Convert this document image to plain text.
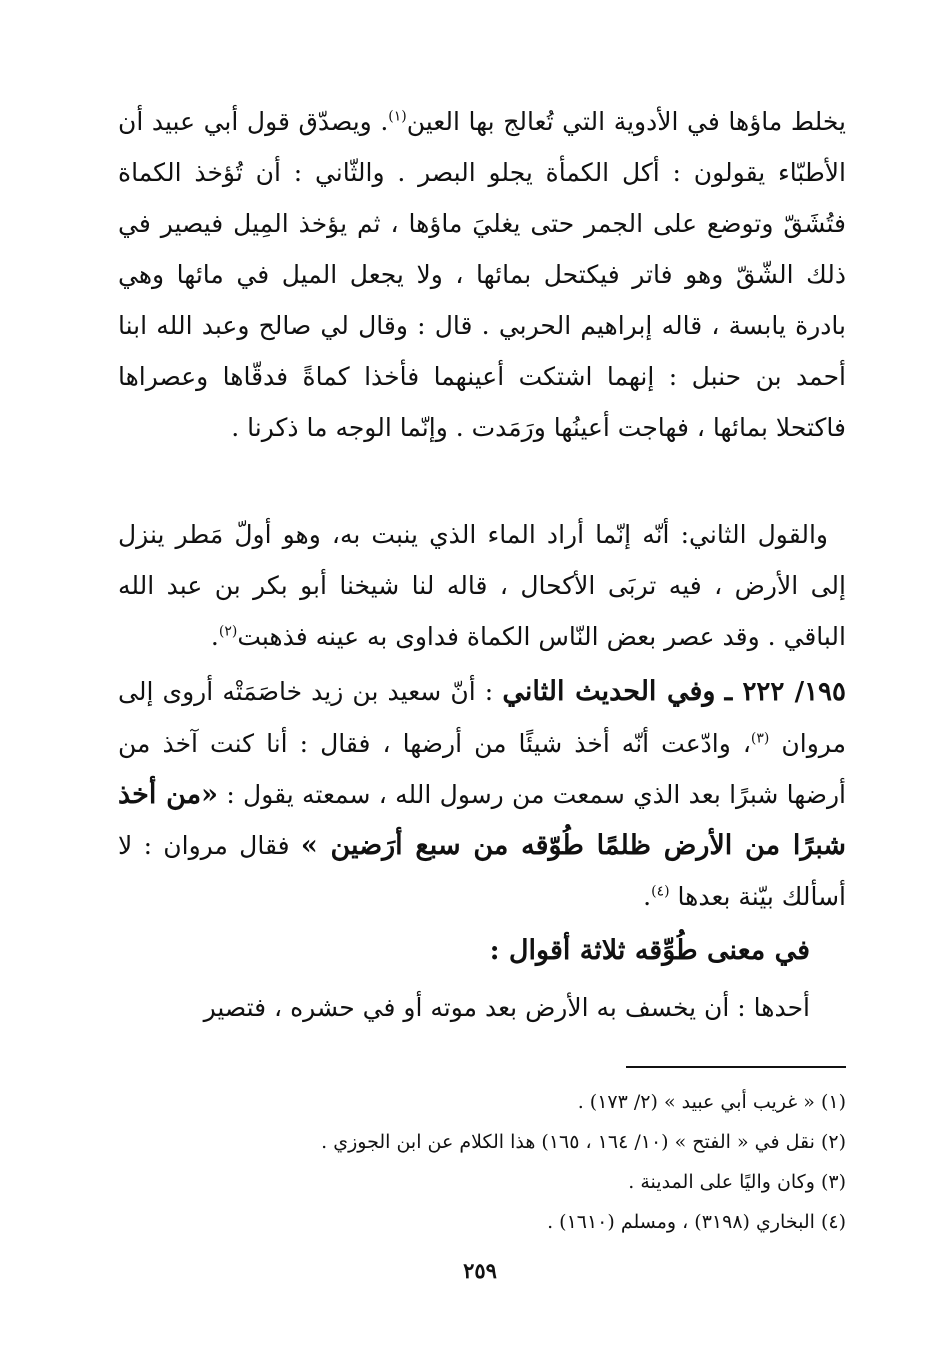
يخلط ماؤها في الأدوية التي تُعالج بها العين$^{(١)}$. ويصدّق قول أبي عبيد أن الأطبّاء يقولون : أكل الكمأة يجلو البصر . والثّاني : أن تُؤخذ الكماة فتُشَقّ وتوضع على الجمر حتى يغليَ ماؤها ، ثم يؤخذ المِيل فيصير في ذلك الشّقّ وهو فاتر فيكتحل بمائها ، ولا يجعل الميل في مائها وهي بادرة يابسة ، قاله إبراهيم الحربي . قال : وقال لي صالح وعبد الله ابنا أحمد بن حنبل : إنهما اشتكت أعينهما فأخذا كماةً فدقّاها وعصراها فاكتحلا بمائها ، فهاجت أعينُها ورَمَدت . وإنّما الوجه ما ذكرنا .

والقول الثاني: أنّه إنّما أراد الماء الذي ينبت به، وهو أولّ مَطر ينزل إلى الأرض ، فيه تربَى الأكحال ، قاله لنا شيخنا أبو بكر بن عبد الله الباقي . وقد عصر بعض النّاس الكماة فداوى به عينه فذهبت$^{(٢)}$.

١٩٥/ ٢٢٢ ـ وفي الحديث الثاني : أنّ سعيد بن زيد خاصَمَتْه أروى إلى مروان $^{(٣)}$، وادّعت أنّه أخذ شيئًا من أرضها ، فقال : أنا كنت آخذ من أرضها شبرًا بعد الذي سمعت من رسول الله ، سمعته يقول : «من أخذ شبرًا من الأرض ظلمًا طُوّقه من سبع أرَضين » فقال مروان : لا أسألك بيّنة بعدها $^{(٤)}$.

في معنى طُوِّقه ثلاثة أقوال :

أحدها : أن يخسف به الأرض بعد موته أو في حشره ، فتصير

(١) « غريب أبي عبيد » (٢/ ١٧٣) .
(٢) نقل في « الفتح » (١٠/ ١٦٤ ، ١٦٥) هذا الكلام عن ابن الجوزي .
(٣) وكان واليًا على المدينة .
(٤) البخاري (٣١٩٨) ، ومسلم (١٦١٠) .
٢٥٩
